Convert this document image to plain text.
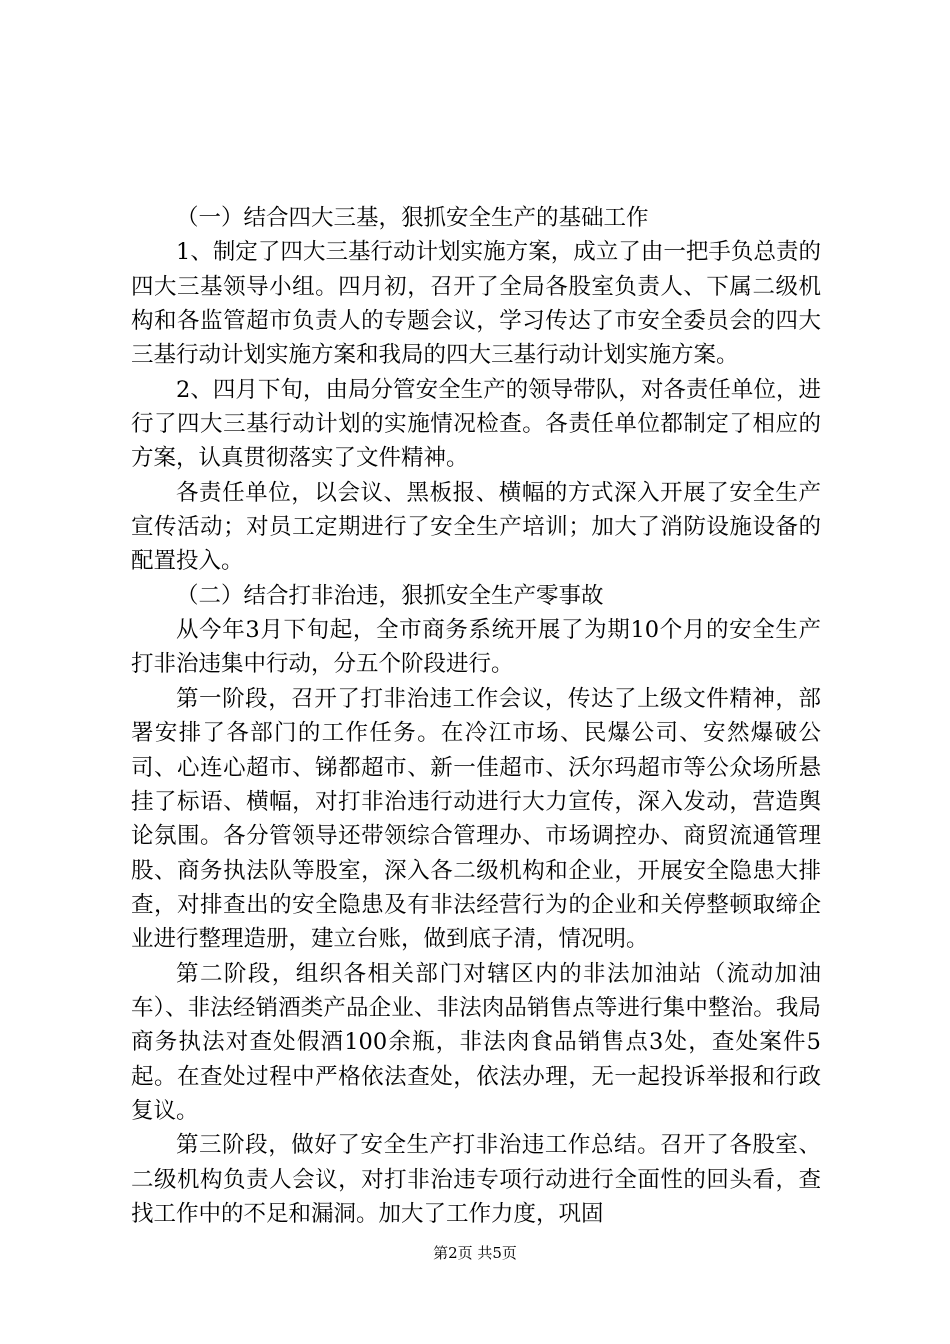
（一）结合四大三基，狠抓安全生产的基础工作

1、制定了四大三基行动计划实施方案，成立了由一把手负总责的四大三基领导小组。四月初，召开了全局各股室负责人、下属二级机构和各监管超市负责人的专题会议，学习传达了市安全委员会的四大三基行动计划实施方案和我局的四大三基行动计划实施方案。

2、四月下旬，由局分管安全生产的领导带队，对各责任单位，进行了四大三基行动计划的实施情况检查。各责任单位都制定了相应的方案，认真贯彻落实了文件精神。

各责任单位，以会议、黑板报、横幅的方式深入开展了安全生产宣传活动；对员工定期进行了安全生产培训；加大了消防设施设备的配置投入。

（二）结合打非治违，狠抓安全生产零事故

从今年3月下旬起，全市商务系统开展了为期10个月的安全生产打非治违集中行动，分五个阶段进行。

第一阶段，召开了打非治违工作会议，传达了上级文件精神，部署安排了各部门的工作任务。在冷江市场、民爆公司、安然爆破公司、心连心超市、锑都超市、新一佳超市、沃尔玛超市等公众场所悬挂了标语、横幅，对打非治违行动进行大力宣传，深入发动，营造舆论氛围。各分管领导还带领综合管理办、市场调控办、商贸流通管理股、商务执法队等股室，深入各二级机构和企业，开展安全隐患大排查，对排查出的安全隐患及有非法经营行为的企业和关停整顿取缔企业进行整理造册，建立台账，做到底子清，情况明。

第二阶段，组织各相关部门对辖区内的非法加油站（流动加油车）、非法经销酒类产品企业、非法肉品销售点等进行集中整治。我局商务执法对查处假酒100余瓶，非法肉食品销售点3处，查处案件5起。在查处过程中严格依法查处，依法办理，无一起投诉举报和行政复议。

第三阶段，做好了安全生产打非治违工作总结。召开了各股室、二级机构负责人会议，对打非治违专项行动进行全面性的回头看，查找工作中的不足和漏洞。加大了工作力度，巩固

第2页 共5页
